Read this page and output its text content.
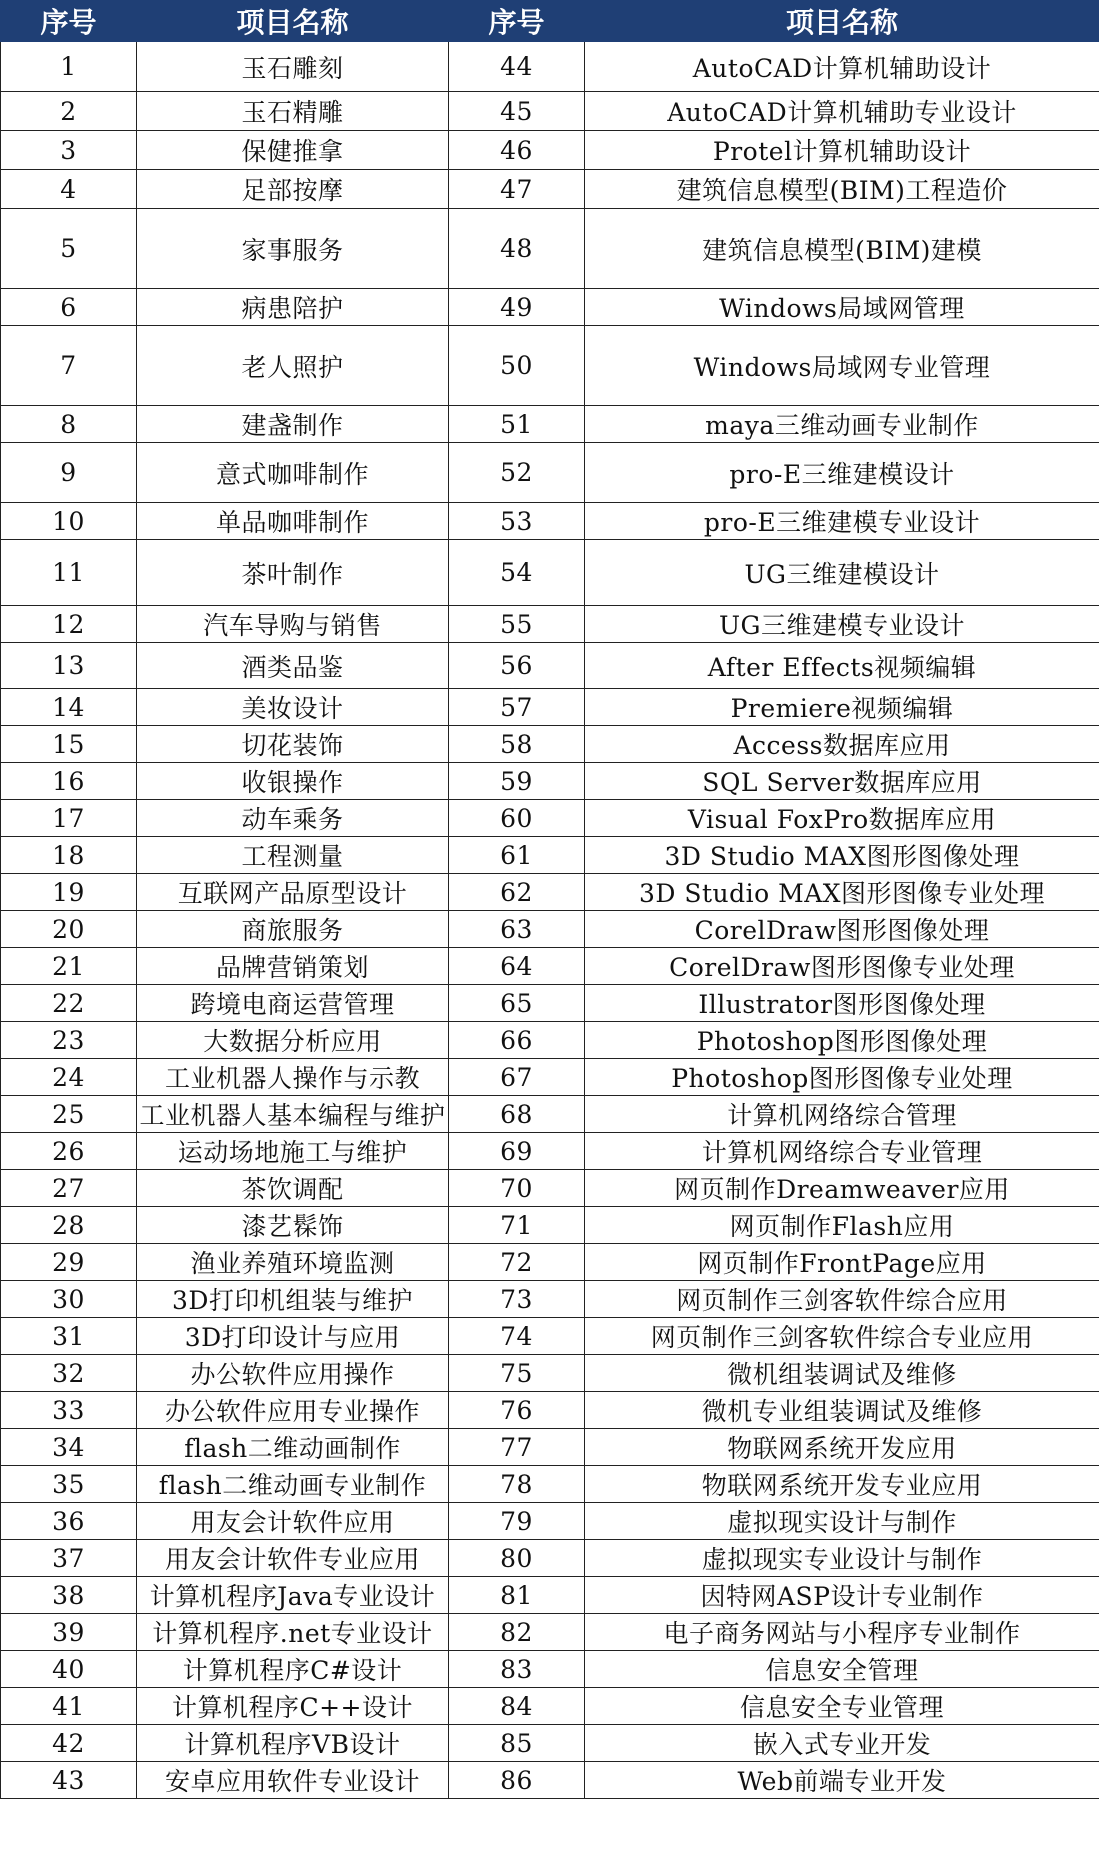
序号	项目名称	序号	项目名称
1	玉石雕刻	44	AutoCAD计算机辅助设计
2	玉石精雕	45	AutoCAD计算机辅助专业设计
3	保健推拿	46	Protel计算机辅助设计
4	足部按摩	47	建筑信息模型(BIM)工程造价
5	家事服务	48	建筑信息模型(BIM)建模
6	病患陪护	49	Windows局域网管理
7	老人照护	50	Windows局域网专业管理
8	建盏制作	51	maya三维动画专业制作
9	意式咖啡制作	52	pro-E三维建模设计
10	单品咖啡制作	53	pro-E三维建模专业设计
11	茶叶制作	54	UG三维建模设计
12	汽车导购与销售	55	UG三维建模专业设计
13	酒类品鉴	56	After Effects视频编辑
14	美妆设计	57	Premiere视频编辑
15	切花装饰	58	Access数据库应用
16	收银操作	59	SQL Server数据库应用
17	动车乘务	60	Visual FoxPro数据库应用
18	工程测量	61	3D Studio MAX图形图像处理
19	互联网产品原型设计	62	3D Studio MAX图形图像专业处理
20	商旅服务	63	CorelDraw图形图像处理
21	品牌营销策划	64	CorelDraw图形图像专业处理
22	跨境电商运营管理	65	Illustrator图形图像处理
23	大数据分析应用	66	Photoshop图形图像处理
24	工业机器人操作与示教	67	Photoshop图形图像专业处理
25	工业机器人基本编程与维护	68	计算机网络综合管理
26	运动场地施工与维护	69	计算机网络综合专业管理
27	茶饮调配	70	网页制作Dreamweaver应用
28	漆艺髹饰	71	网页制作Flash应用
29	渔业养殖环境监测	72	网页制作FrontPage应用
30	3D打印机组装与维护	73	网页制作三剑客软件综合应用
31	3D打印设计与应用	74	网页制作三剑客软件综合专业应用
32	办公软件应用操作	75	微机组装调试及维修
33	办公软件应用专业操作	76	微机专业组装调试及维修
34	flash二维动画制作	77	物联网系统开发应用
35	flash二维动画专业制作	78	物联网系统开发专业应用
36	用友会计软件应用	79	虚拟现实设计与制作
37	用友会计软件专业应用	80	虚拟现实专业设计与制作
38	计算机程序Java专业设计	81	因特网ASP设计专业制作
39	计算机程序.net专业设计	82	电子商务网站与小程序专业制作
40	计算机程序C#设计	83	信息安全管理
41	计算机程序C++设计	84	信息安全专业管理
42	计算机程序VB设计	85	嵌入式专业开发
43	安卓应用软件专业设计	86	Web前端专业开发
